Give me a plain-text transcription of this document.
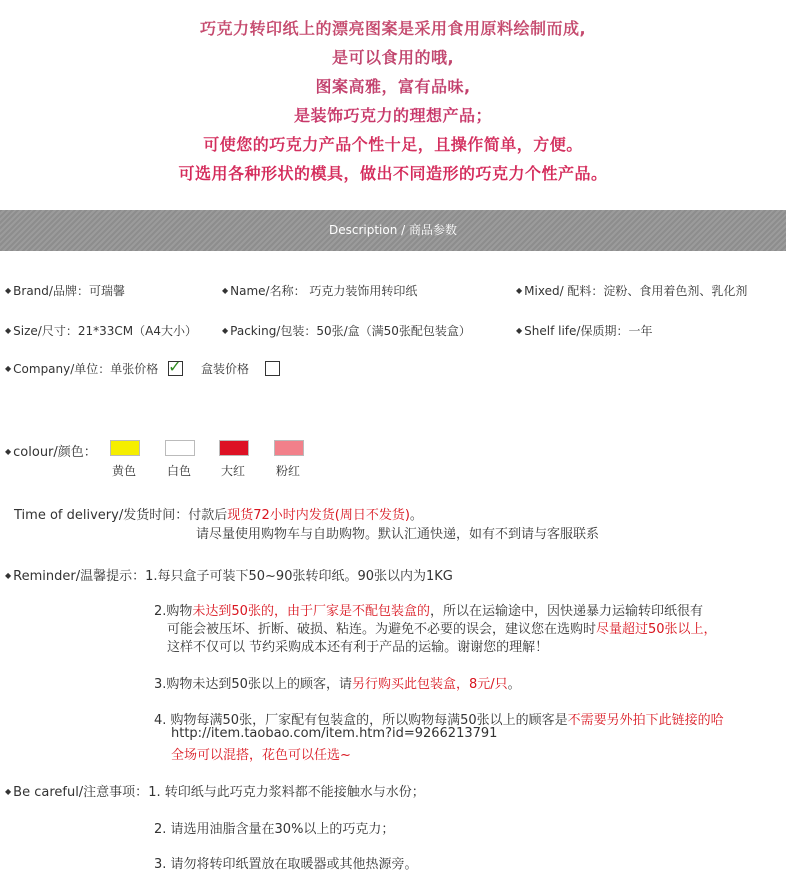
巧克力转印纸上的漂亮图案是采用食用原料绘制而成,
是可以食用的哦,
图案高雅，富有品味,
是装饰巧克力的理想产品；
可使您的巧克力产品个性十足，且操作简单，方便。
可选用各种形状的模具，做出不同造形的巧克力个性产品。
Description / 商品参数
◆ Brand/品牌：可瑞馨	◆ Name/名称： 巧克力装饰用转印纸	◆ Mixed/ 配料：淀粉、食用着色剂、乳化剂
◆ Size/尺寸：21*33CM（A4大小）	◆ Packing/包装：50张/盒（满50张配包装盒）	◆ Shelf life/保质期：一年
◆ Company/单位：单张价格 ✓ 盒装价格
◆ colour/颜色：
黄色	白色	大红	粉红
Time of delivery/发货时间：付款后现货72小时内发货(周日不发货)。
请尽量使用购物车与自助购物。默认汇通快递，如有不到请与客服联系
◆ Reminder/温馨提示：1.每只盒子可装下50~90张转印纸。90张以内为1KG
2.购物未达到50张的，由于厂家是不配包装盒的，所以在运输途中，因快递暴力运输转印纸很有
可能会被压坏、折断、破损、粘连。为避免不必要的误会，建议您在选购时尽量超过50张以上，
这样不仅可以 节约采购成本还有利于产品的运输。谢谢您的理解！
3.购物未达到50张以上的顾客，请另行购买此包装盒，8元/只。
4. 购物每满50张，厂家配有包装盒的，所以购物每满50张以上的顾客是不需要另外拍下此链接的哈
http://item.taobao.com/item.htm?id=9266213791
全场可以混搭，花色可以任选~
◆ Be careful/注意事项：1. 转印纸与此巧克力浆料都不能接触水与水份；
2. 请选用油脂含量在30%以上的巧克力；
3. 请勿将转印纸置放在取暖器或其他热源旁。
